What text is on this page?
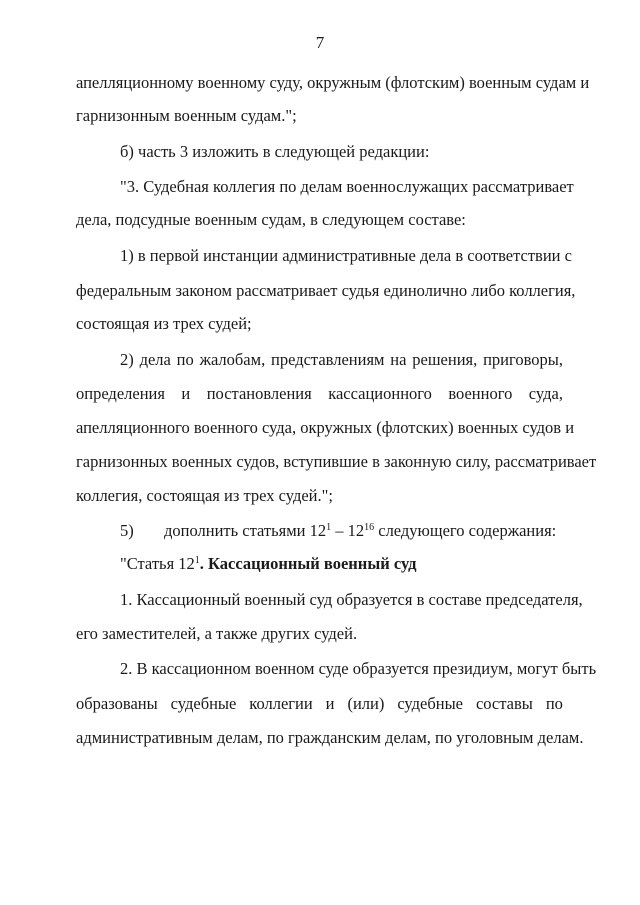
7
апелляционному военному суду, окружным (флотским) военным судам и
гарнизонным военным судам.";
б) часть 3 изложить в следующей редакции:
"3. Судебная коллегия по делам военнослужащих рассматривает
дела, подсудные военным судам, в следующем составе:
1) в первой инстанции административные дела в соответствии с
федеральным законом рассматривает судья единолично либо коллегия,
состоящая из трех судей;
2) дела по жалобам, представлениям на решения, приговоры,
определения и постановления кассационного военного суда,
апелляционного военного суда, окружных (флотских) военных судов и
гарнизонных военных судов, вступившие в законную силу, рассматривает
коллегия, состоящая из трех судей.";
5) дополнить статьями $12^1 - 12^{16}$ следующего содержания:
"Статья $12^1$. Кассационный военный суд
1. Кассационный военный суд образуется в составе председателя,
его заместителей, а также других судей.
2. В кассационном военном суде образуется президиум, могут быть
образованы судебные коллегии и (или) судебные составы по
административным делам, по гражданским делам, по уголовным делам.
